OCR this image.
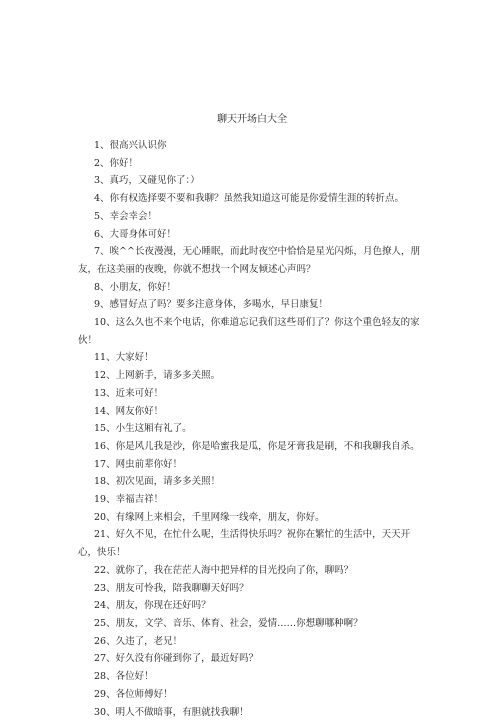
聊天开场白大全
1、很高兴认识你
2、你好！
3、真巧，又碰见你了：）
4、你有权选择要不要和我聊？虽然我知道这可能是你爱情生涯的转折点。
5、幸会幸会！
6、大哥身体可好！
7、唉^^长夜漫漫，无心睡眠，而此时夜空中恰恰是星光闪烁，月色撩人，朋友，在这美丽的夜晚，你就不想找一个网友倾述心声吗？
8、小朋友，你好！
9、感冒好点了吗？要多注意身体，多喝水，早日康复！
10、这么久也不来个电话，你难道忘记我们这些哥们了？你这个重色轻友的家伙！
11、大家好！
12、上网新手，请多多关照。
13、近来可好！
14、网友你好！
15、小生这厢有礼了。
16、你是风儿我是沙，你是哈蜜我是瓜，你是牙膏我是刷，不和我聊我自杀。
17、网虫前辈你好！
18、初次见面，请多多关照！
19、幸福吉祥！
20、有缘网上来相会，千里网缘一线牵，朋友，你好。
21、好久不见，在忙什么呢，生活得快乐吗？祝你在繁忙的生活中，天天开心，快乐！
22、就你了，我在茫茫人海中把异样的目光投向了你，聊吗？
23、朋友可怜我，陪我聊聊天好吗？
24、朋友，你现在还好吗？
25、朋友，文学、音乐、体育、社会，爱情……你想聊哪种啊？
26、久违了，老兄！
27、好久没有你碰到你了，最近好吗？
28、各位好！
29、各位师傅好！
30、明人不做暗事，有胆就找我聊！
